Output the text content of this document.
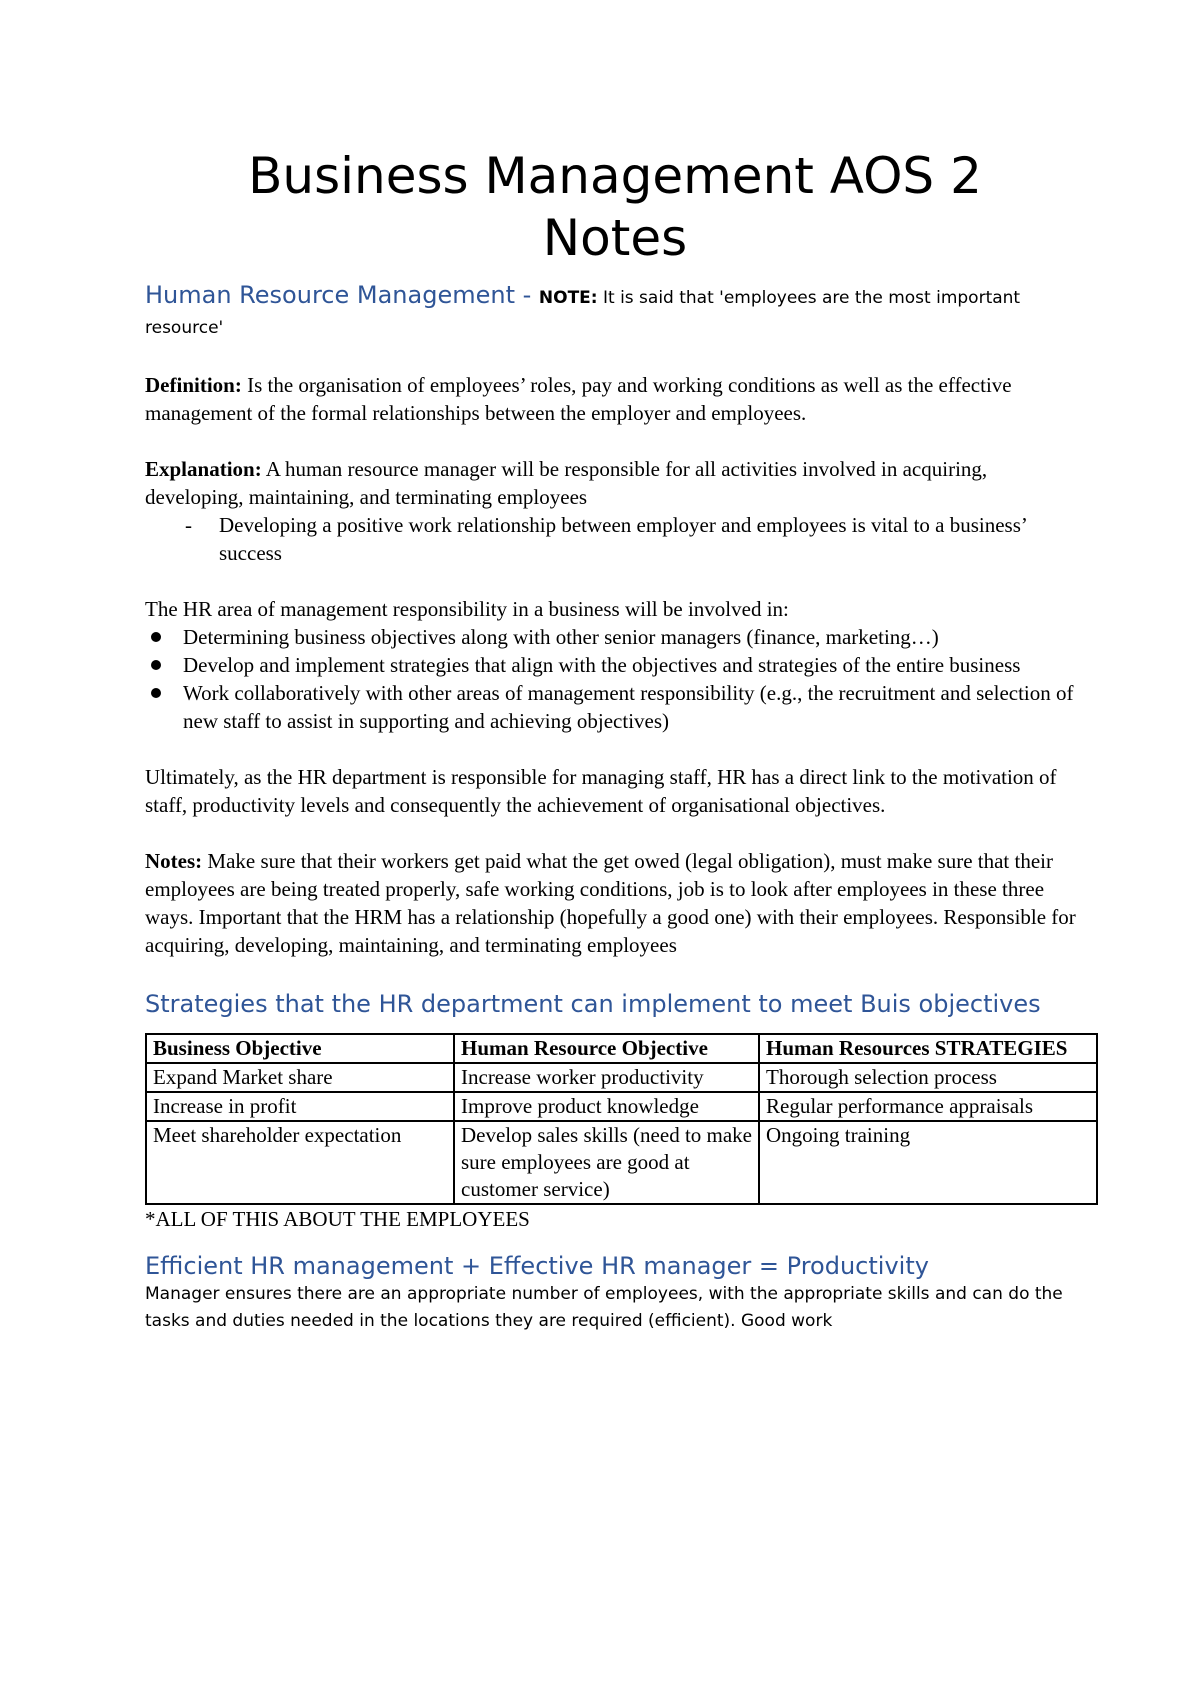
Business Management AOS 2
Notes
Human Resource Management - NOTE: It is said that 'employees are the most important resource'

Definition: Is the organisation of employees’ roles, pay and working conditions as well as the effective management of the formal relationships between the employer and employees.

Explanation: A human resource manager will be responsible for all activities involved in acquiring, developing, maintaining, and terminating employees

- Developing a positive work relationship between employer and employees is vital to a business’ success

The HR area of management responsibility in a business will be involved in:

Determining business objectives along with other senior managers (finance, marketing…)
Develop and implement strategies that align with the objectives and strategies of the entire business
Work collaboratively with other areas of management responsibility (e.g., the recruitment and selection of new staff to assist in supporting and achieving objectives)

Ultimately, as the HR department is responsible for managing staff, HR has a direct link to the motivation of staff, productivity levels and consequently the achievement of organisational objectives.

Notes: Make sure that their workers get paid what the get owed (legal obligation), must make sure that their employees are being treated properly, safe working conditions, job is to look after employees in these three ways. Important that the HRM has a relationship (hopefully a good one) with their employees. Responsible for acquiring, developing, maintaining, and terminating employees

Strategies that the HR department can implement to meet Buis objectives
Business Objective	Human Resource Objective	Human Resources STRATEGIES
Expand Market share	Increase worker productivity	Thorough selection process
Increase in profit	Improve product knowledge	Regular performance appraisals
Meet shareholder expectation	Develop sales skills (need to make sure employees are good at customer service)	Ongoing training

*ALL OF THIS ABOUT THE EMPLOYEES

Efficient HR management + Effective HR manager = Productivity

Manager ensures there are an appropriate number of employees, with the appropriate skills and can do the tasks and duties needed in the locations they are required (efficient). Good work
